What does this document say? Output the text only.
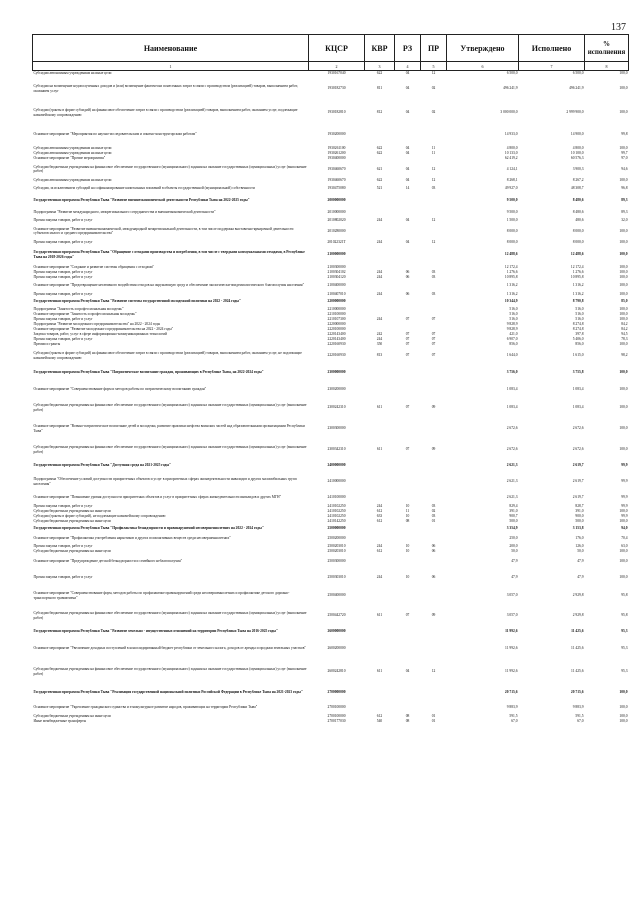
137
Наименование	КЦСР	КВР	РЗ	ПР	Утверждено	Исполнено	% исполнения
1	2	3	4	5	6	7	8
Субсидии автономным учреждениям на иные цели	1930167040	622	04	12	6 500,0	6 500,0	100,0
Субсидии на возмещение недополученных доходов и (или) возмещение фактически понесенных затрат в связи с производством (реализацией) товаров, выполнением работ, оказанием услуг	1930182730	811	04	02	496 241,9	496 241,9	100,0
Субсидии (гранты в форме субсидий) на финансовое обеспечение затрат в связи с производством (реализацией) товаров, выполнением работ, оказанием услуг, подлежащие казначейскому сопровождению	1930182810	812	04	02	3 000 000,0	2 999 900,0	100,0
Основное мероприятие "Мероприятия по научно-исследовательским и опытно-конструкторским работам"	1930200000				14 933,0	14 900,0	99,8
Субсидии автономным учреждениям на иные цели	1930261100	622	04	11	4 800,0	4 800,0	100,0
Субсидии автономным учреждениям на иные цели	1930261200	622	04	11	10 133,0	10 100,0	99,7
Основное мероприятие "Прочие мероприятия"	1930400000				62 419,2	60 576,3	97,0
Субсидии бюджетным учреждениям на финансовое обеспечение государственного (муниципального) задания на оказание государственных (муниципальных) услуг (выполнение работ)	1930460670	621	04	12	4 124,1	3 900,3	94,6
Субсидии автономным учреждениям на иные цели	1930460670	622	04	12	8 268,1	8 267,2	100,0
Субсидии, за исключением субсидий на софинансирование капитальных вложений в объекты государственной (муниципальной) собственности	1930475080	521	14	03	49 927,0	48 308,7	96,8
Государственная программа Республики Тыва "Развитие внешнеэкономической деятельности Республики Тыва на 2022-2025 годы"	2000000000				9 500,0	8 480,6	89,3
Подпрограмма "Развитие международного, межрегионального сотрудничества и внешнеэкономической деятельности"	2010000000				9 500,0	8 480,6	89,3
Прочая закупка товаров, работ и услуг	2010802020	244	04	12	1 500,0	480,6	32,0
Основное мероприятие "Развитие внешнеэкономической, международной межрегиональной деятельности, в том числе поддержка выставочно-ярмарочной деятельности субъектов малого и среднего предпринимательства"	2010280000				8 000,0	8 000,0	100,0
Прочая закупка товаров, работ и услуг	201022321T	244	04	12	8 000,0	8 000,0	100,0
Государственная программа Республики Тыва "Обращение с отходами производства и потребления, в том числе с твердыми коммунальными отходами, в Республике Тыва на 2018-2026 годы"	2100000000				12 488,6	12 488,6	100,0
Основное мероприятие "Создание и развитие системы обращения с отходами"	2100300000				12 172,4	12 172,4	100,0
Прочая закупка товаров, работ и услуг	2100304102	244	06	03	1 276,6	1 276,6	100,0
Прочая закупка товаров, работ и услуг	2100304120	244	06	03	10 895,8	10 895,8	100,0
Основное мероприятие "Предотвращение негативного воздействия отходов на окружающую среду и обеспечение экологически-эпидемиологического благополучия населения"	2100400000				1 316,2	1 316,2	100,0
Прочая закупка товаров, работ и услуг	2100407010	244	06	03	1 316,2	1 316,2	100,0
Государственная программа Республики Тыва "Развитие системы государственной молодежной политики на 2022 - 2024 годы"	2200000000				10 344,9	8 790,8	85,0
Подпрограмма "Занятость и профессиональная молодежь"	2210000000				516,0	516,0	100,0
Основное мероприятие "Занятость и профессиональная молодежь"	2210100000				516,0	516,0	100,0
Прочая закупка товаров, работ и услуг	2210107300	244	07	07	516,0	516,0	100,0
Подпрограмма "Развитие молодежного предпринимательства" на 2022 - 2024 годы	2220000000				9 828,9	8 274,8	84,2
Основное мероприятие "Развитие молодежного предпринимательства на 2022 - 2024 годы"	2220100000				9 828,9	8 274,8	84,2
Закупка товаров, работ, услуг в сфере информационно-коммуникационных технологий	2220143400	242	07	07	421,0	397,8	94,5
Прочая закупка товаров, работ и услуг	2220143400	244	07	07	6 907,0	5 406,0	78,3
Премии и гранты	2220160930	350	07	07	856,0	856,0	100,0
Субсидии (гранты в форме субсидий) на финансовое обеспечение затрат в связи с производством (реализацией) товаров, выполнением работ, оказанием услуг, не подлежащие казначейскому сопровождению	2220160930	813	07	07	1 644,0	1 615,0	98,2
Государственная программа Республики Тыва "Патриотическое воспитание граждан, проживающих в Республике Тыва, на 2022-2024 годы"	2300000000				3 756,0	3 755,8	100,0
Основное мероприятие "Совершенствование форм и методов работы по патриотическому воспитанию граждан"	2300200000				1 083,4	1 083,4	100,0
Субсидии бюджетным учреждениям на финансовое обеспечение государственного (муниципального) задания на оказание государственных (муниципальных) услуг (выполнение работ)	2300242310	611	07	09	1 083,4	1 083,4	100,0
Основное мероприятие "Военно-патриотическое воспитание детей и молодежи, развитие практики шефства воинских частей над образовательными организациями Республики Тыва"	2300300000				2 672,6	2 672,6	100,0
Субсидии бюджетным учреждениям на финансовое обеспечение государственного (муниципального) задания на оказание государственных (муниципальных) услуг (выполнение работ)	2300342310	611	07	09	2 672,6	2 672,6	100,0
Государственная программа Республики Тыва "Доступная среда на 2021-2025 годы"	2400000000				2 621,3	2 619,7	99,9
Подпрограмма "Обеспечение условий доступности приоритетных объектов и услуг в приоритетных сферах жизнедеятельности инвалидов и других маломобильных групп населения"	2410000000				2 621,3	2 619,7	99,9
Основное мероприятие "Повышение уровня доступности приоритетных объектов и услуг в приоритетных сферах жизнедеятельности инвалидов и других МГН"	2410100000				2 621,3	2 619,7	99,9
Прочая закупка товаров, работ и услуг	2410102250	244	10	03	829,4	828,7	99,9
Субсидии бюджетным учреждениям на иные цели	2410102250	612	11	02	391,0	391,0	100,0
Субсидии (гранты в форме субсидий), не подлежащие казначейскому сопровождению	2410102250	633	10	03	900,7	900,0	99,9
Субсидии бюджетным учреждениям на иные цели	2410142250	612	08	01	500,0	500,0	100,0
Государственная программа Республики Тыва "Профилактика безнадзорности и правонарушений несовершеннолетних на 2022 - 2024 годы"	2500000000				3 354,9	3 153,8	94,0
Основное мероприятие "Профилактика употребления наркотиков и других психоактивных веществ среди несовершеннолетних"	2500200000				250,0	176,0	70,4
Прочая закупка товаров, работ и услуг	2500203010	244	10	06	200,0	126,0	63,0
Субсидии бюджетным учреждениям на иные цели	2500203010	612	10	06	50,0	50,0	100,0
Основное мероприятие "Предупреждение детской безнадзорности и семейного неблагополучия"	2500300000				47,9	47,9	100,0
Прочая закупка товаров, работ и услуг	2500303010	244	10	06	47,9	47,9	100,0
Основное мероприятие "Совершенствование форм, методов работы по профилактике правонарушений среди несовершеннолетних и профилактике детского дорожно-транспортного травматизма"	2500400000				3 057,0	2 929,8	95,8
Субсидии бюджетным учреждениям на финансовое обеспечение государственного (муниципального) задания на оказание государственных (муниципальных) услуг (выполнение работ)	2500442720	611	07	09	3 057,0	2 929,8	95,8
Государственная программа Республики Тыва "Развитие земельно - имущественных отношений на территории Республики Тыва на 2016-2025 годы"	2600000000				11 992,6	11 425,6	95,3
Основное мероприятие "Увеличение доходных поступлений в консолидированный бюджет республики от земельного налога, доходов от аренды и продажи земельных участков"	2600200000				11 992,6	11 425,6	95,3
Субсидии бюджетным учреждениям на финансовое обеспечение государственного (муниципального) задания на оказание государственных (муниципальных) услуг (выполнение работ)	2600242810	611	04	12	11 992,6	11 425,6	95,3
Государственная программа Республики Тыва "Реализация государственной национальной политики Российской Федерации в Республике Тыва на 2021-2023 годы"	2700000000				20 715,6	20 715,6	100,0
Основное мероприятие "Укрепление гражданского единства и этнокультурное развитие народов, проживающих на территории Республики Тыва"	2700100000				9 883,9	9 883,9	100,0
Субсидии бюджетным учреждениям на иные цели	2700100000	612	08	01	591,5	591,5	100,0
Иные межбюджетные трансферты	2700177030	540	08	01	67,0	67,0	100,0
